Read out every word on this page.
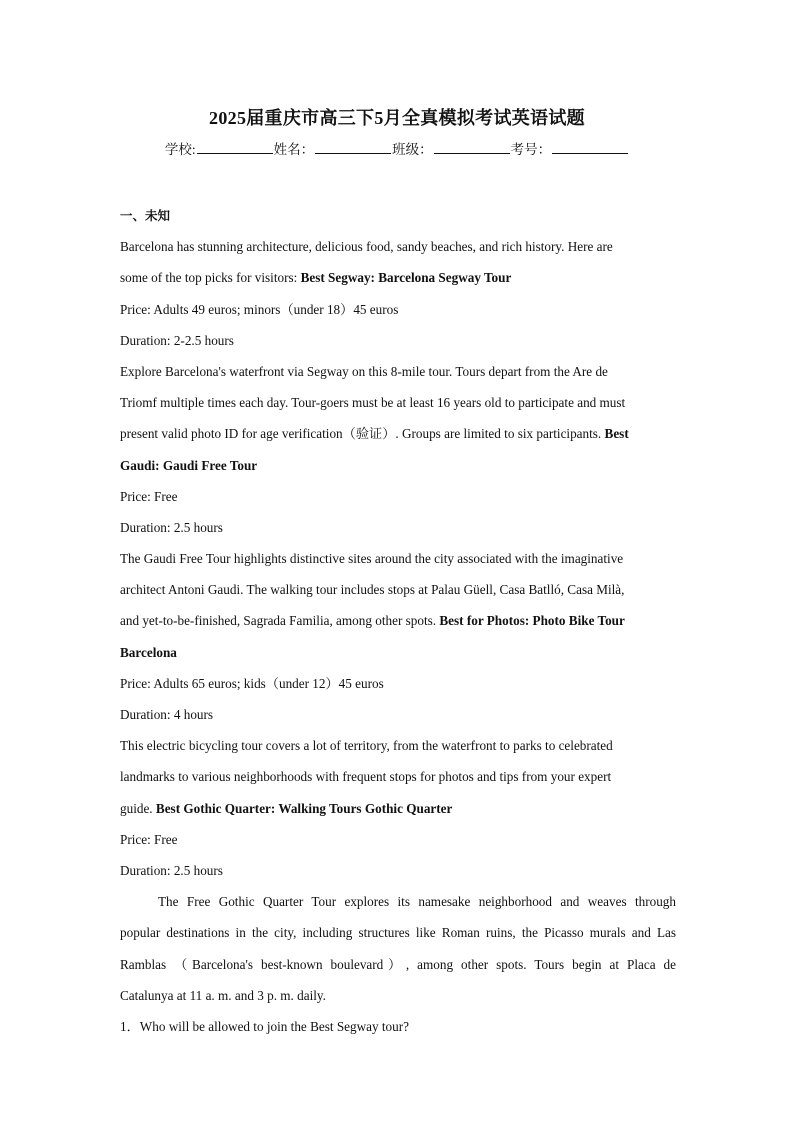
2025届重庆市高三下5月全真模拟考试英语试题
学校:	姓名：	班级：	考号：
一、未知
Barcelona has stunning architecture, delicious food, sandy beaches, and rich history. Here are
some of the top picks for visitors: Best Segway: Barcelona Segway Tour
Price: Adults 49 euros; minors（under 18）45 euros
Duration: 2-2.5 hours
Explore Barcelona's waterfront via Segway on this 8-mile tour. Tours depart from the Are de
Triomf multiple times each day. Tour-goers must be at least 16 years old to participate and must
present valid photo ID for age verification（验证）. Groups are limited to six participants. Best
Gaudi: Gaudi Free Tour
Price: Free
Duration: 2.5 hours
The Gaudi Free Tour highlights distinctive sites around the city associated with the imaginative
architect Antoni Gaudi. The walking tour includes stops at Palau Güell, Casa Batlló, Casa Milà,
and yet-to-be-finished, Sagrada Familia, among other spots. Best for Photos: Photo Bike Tour
Barcelona
Price: Adults 65 euros; kids（under 12）45 euros
Duration: 4 hours
This electric bicycling tour covers a lot of territory, from the waterfront to parks to celebrated
landmarks to various neighborhoods with frequent stops for photos and tips from your expert
guide. Best Gothic Quarter: Walking Tours Gothic Quarter
Price: Free
Duration: 2.5 hours
The Free Gothic Quarter Tour explores its namesake neighborhood and weaves through
popular destinations in the city, including structures like Roman ruins, the Picasso murals and Las
Ramblas （Barcelona's best-known boulevard）, among other spots. Tours begin at Placa de
Catalunya at 11 a. m. and 3 p. m. daily.
1．Who will be allowed to join the Best Segway tour?
